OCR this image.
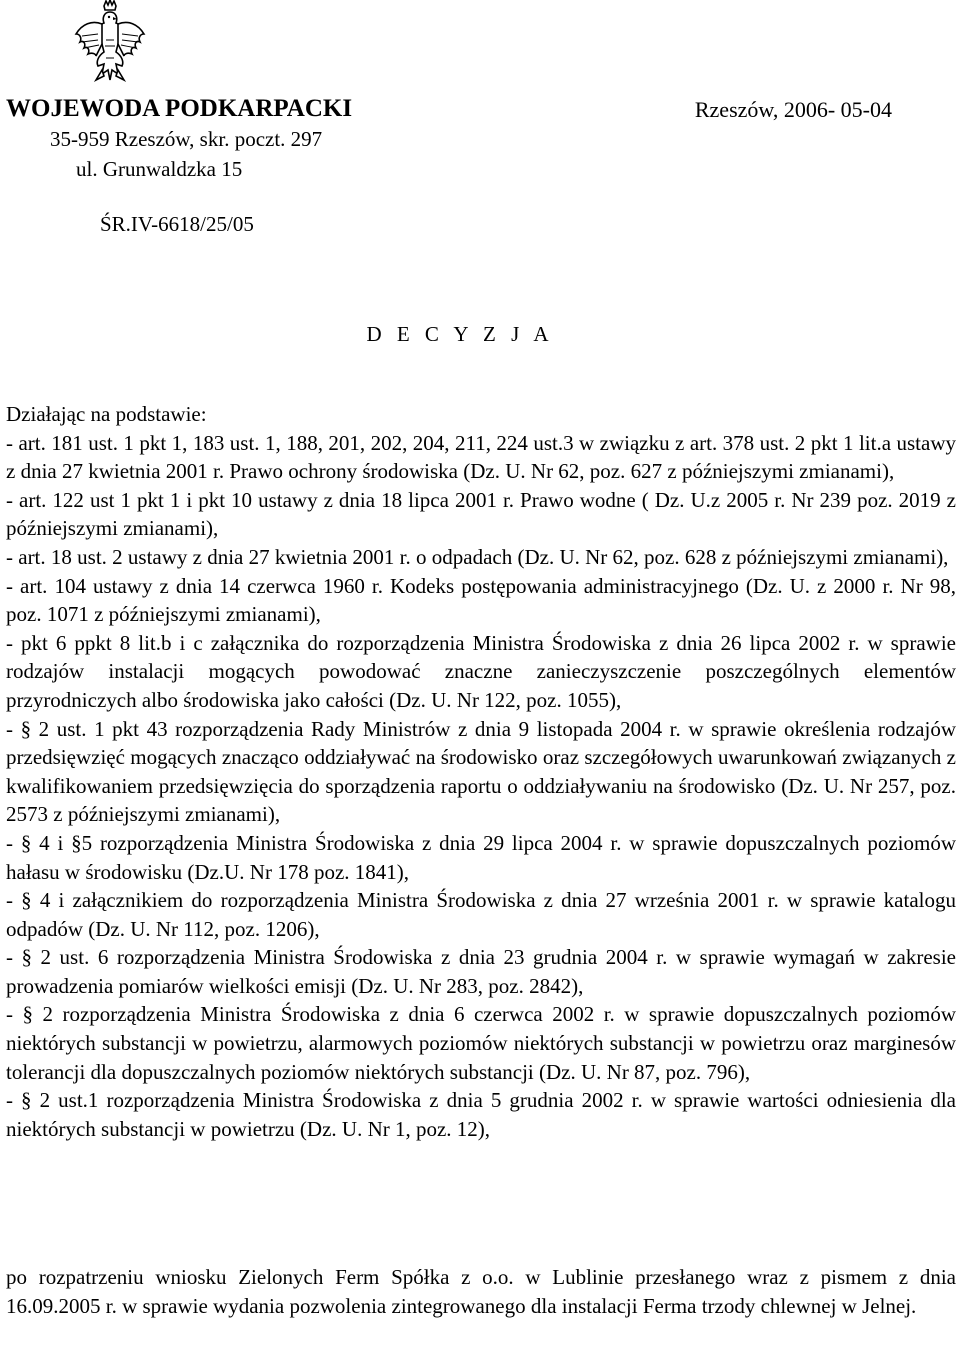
WOJEWODA PODKARPACKI
35-959 Rzeszów, skr. poczt. 297
ul. Grunwaldzka 15
Rzeszów, 2006- 05-04
ŚR.IV-6618/25/05
D E C Y Z J A

Działając na podstawie:

- art. 181 ust. 1 pkt 1, 183 ust. 1, 188, 201, 202, 204, 211, 224 ust.3 w związku z art. 378 ust. 2 pkt 1 lit.a ustawy z dnia 27 kwietnia 2001 r. Prawo ochrony środowiska (Dz. U. Nr 62, poz. 627 z późniejszymi zmianami),

- art. 122 ust 1 pkt 1 i pkt 10 ustawy z dnia 18 lipca 2001 r. Prawo wodne ( Dz. U.z 2005 r. Nr 239 poz. 2019 z późniejszymi zmianami),

- art. 18 ust. 2 ustawy z dnia 27 kwietnia 2001 r. o odpadach (Dz. U. Nr 62, poz. 628 z późniejszymi zmianami),

- art. 104 ustawy z dnia 14 czerwca 1960 r. Kodeks postępowania administracyjnego (Dz. U. z 2000 r. Nr 98, poz. 1071 z późniejszymi zmianami),

- pkt 6 ppkt 8 lit.b i c załącznika do rozporządzenia Ministra Środowiska z dnia 26 lipca 2002 r. w sprawie rodzajów instalacji mogących powodować znaczne zanieczyszczenie poszczególnych elementów przyrodniczych albo środowiska jako całości (Dz. U. Nr 122, poz. 1055),

- § 2 ust. 1 pkt 43 rozporządzenia Rady Ministrów z dnia 9 listopada 2004 r. w sprawie określenia rodzajów przedsięwzięć mogących znacząco oddziaływać na środowisko oraz szczegółowych uwarunkowań związanych z kwalifikowaniem przedsięwzięcia do sporządzenia raportu o oddziaływaniu na środowisko (Dz. U. Nr 257, poz. 2573 z późniejszymi zmianami),

- § 4 i §5 rozporządzenia Ministra Środowiska z dnia 29 lipca 2004 r. w sprawie dopuszczalnych poziomów hałasu w środowisku (Dz.U. Nr 178 poz. 1841),

- § 4 i załącznikiem do rozporządzenia Ministra Środowiska z dnia 27 września 2001 r. w sprawie katalogu odpadów (Dz. U. Nr 112, poz. 1206),

- § 2 ust. 6 rozporządzenia Ministra Środowiska z dnia 23 grudnia 2004 r. w sprawie wymagań w zakresie prowadzenia pomiarów wielkości emisji (Dz. U. Nr 283, poz. 2842),

- § 2 rozporządzenia Ministra Środowiska z dnia 6 czerwca 2002 r. w sprawie dopuszczalnych poziomów niektórych substancji w powietrzu, alarmowych poziomów niektórych substancji w powietrzu oraz marginesów tolerancji dla dopuszczalnych poziomów niektórych substancji (Dz. U. Nr 87, poz. 796),

- § 2 ust.1 rozporządzenia Ministra Środowiska z dnia 5 grudnia 2002 r. w sprawie wartości odniesienia dla niektórych substancji w powietrzu (Dz. U. Nr 1, poz. 12),

po rozpatrzeniu wniosku Zielonych Ferm Spółka z o.o. w Lublinie przesłanego wraz z pismem z dnia 16.09.2005 r. w sprawie wydania pozwolenia zintegrowanego dla instalacji Ferma trzody chlewnej w Jelnej.
